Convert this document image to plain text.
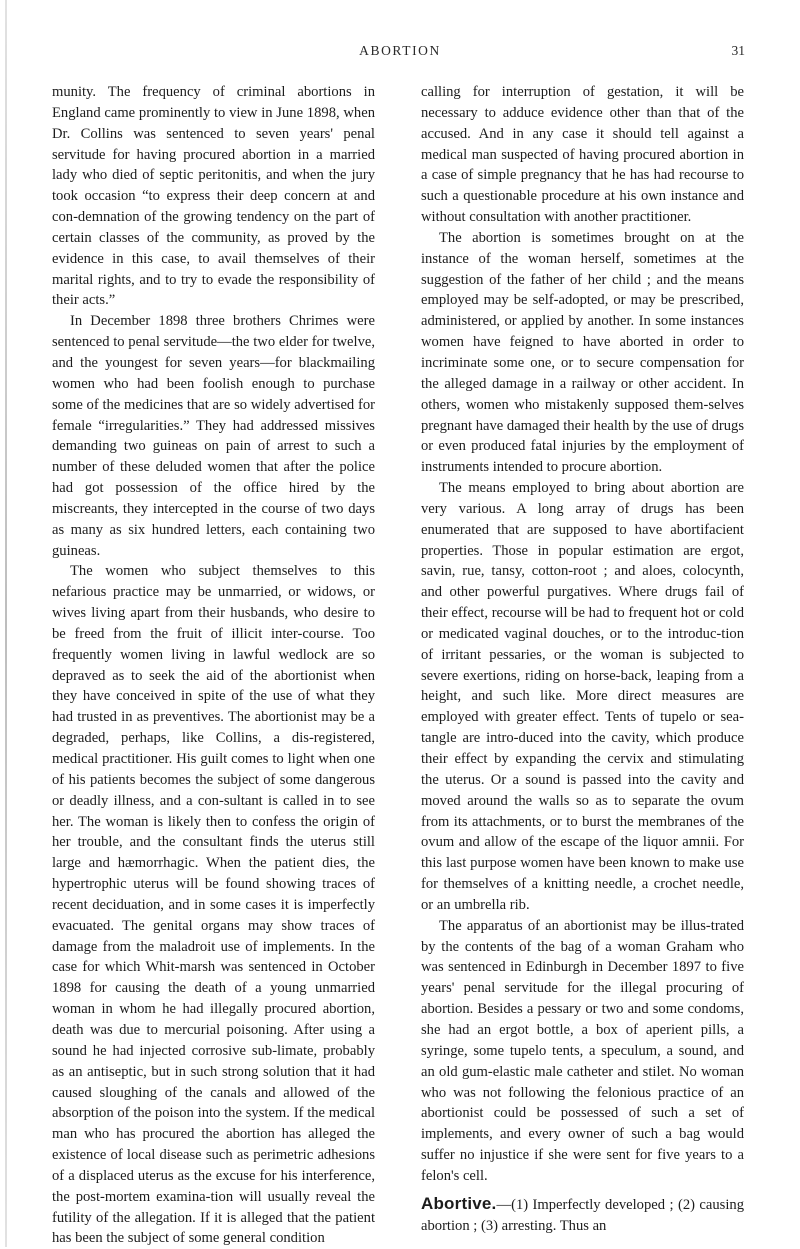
ABORTION	31

munity. The frequency of criminal abortions in England came prominently to view in June 1898, when Dr. Collins was sentenced to seven years' penal servitude for having procured abortion in a married lady who died of septic peritonitis, and when the jury took occasion “to express their deep concern at and con-demnation of the growing tendency on the part of certain classes of the community, as proved by the evidence in this case, to avail themselves of their marital rights, and to try to evade the responsibility of their acts.”

In December 1898 three brothers Chrimes were sentenced to penal servitude—the two elder for twelve, and the youngest for seven years—for blackmailing women who had been foolish enough to purchase some of the medicines that are so widely advertised for female “irregularities.” They had addressed missives demanding two guineas on pain of arrest to such a number of these deluded women that after the police had got possession of the office hired by the miscreants, they intercepted in the course of two days as many as six hundred letters, each containing two guineas.

The women who subject themselves to this nefarious practice may be unmarried, or widows, or wives living apart from their husbands, who desire to be freed from the fruit of illicit inter-course. Too frequently women living in lawful wedlock are so depraved as to seek the aid of the abortionist when they have conceived in spite of the use of what they had trusted in as preventives. The abortionist may be a degraded, perhaps, like Collins, a dis-registered, medical practitioner. His guilt comes to light when one of his patients becomes the subject of some dangerous or deadly illness, and a con-sultant is called in to see her. The woman is likely then to confess the origin of her trouble, and the consultant finds the uterus still large and hæmorrhagic. When the patient dies, the hypertrophic uterus will be found showing traces of recent deciduation, and in some cases it is imperfectly evacuated. The genital organs may show traces of damage from the maladroit use of implements. In the case for which Whit-marsh was sentenced in October 1898 for causing the death of a young unmarried woman in whom he had illegally procured abortion, death was due to mercurial poisoning. After using a sound he had injected corrosive sub-limate, probably as an antiseptic, but in such strong solution that it had caused sloughing of the canals and allowed of the absorption of the poison into the system. If the medical man who has procured the abortion has alleged the existence of local disease such as perimetric adhesions of a displaced uterus as the excuse for his interference, the post-mortem examina-tion will usually reveal the futility of the allegation. If it is alleged that the patient has been the subject of some general condition

calling for interruption of gestation, it will be necessary to adduce evidence other than that of the accused. And in any case it should tell against a medical man suspected of having procured abortion in a case of simple pregnancy that he has had recourse to such a questionable procedure at his own instance and without consultation with another practitioner.

The abortion is sometimes brought on at the instance of the woman herself, sometimes at the suggestion of the father of her child ; and the means employed may be self-adopted, or may be prescribed, administered, or applied by another. In some instances women have feigned to have aborted in order to incriminate some one, or to secure compensation for the alleged damage in a railway or other accident. In others, women who mistakenly supposed them-selves pregnant have damaged their health by the use of drugs or even produced fatal injuries by the employment of instruments intended to procure abortion.

The means employed to bring about abortion are very various. A long array of drugs has been enumerated that are supposed to have abortifacient properties. Those in popular estimation are ergot, savin, rue, tansy, cotton-root ; and aloes, colocynth, and other powerful purgatives. Where drugs fail of their effect, recourse will be had to frequent hot or cold or medicated vaginal douches, or to the introduc-tion of irritant pessaries, or the woman is subjected to severe exertions, riding on horse-back, leaping from a height, and such like. More direct measures are employed with greater effect. Tents of tupelo or sea-tangle are intro-duced into the cavity, which produce their effect by expanding the cervix and stimulating the uterus. Or a sound is passed into the cavity and moved around the walls so as to separate the ovum from its attachments, or to burst the membranes of the ovum and allow of the escape of the liquor amnii. For this last purpose women have been known to make use for themselves of a knitting needle, a crochet needle, or an umbrella rib.

The apparatus of an abortionist may be illus-trated by the contents of the bag of a woman Graham who was sentenced in Edinburgh in December 1897 to five years' penal servitude for the illegal procuring of abortion. Besides a pessary or two and some condoms, she had an ergot bottle, a box of aperient pills, a syringe, some tupelo tents, a speculum, a sound, and an old gum-elastic male catheter and stilet. No woman who was not following the felonious practice of an abortionist could be possessed of such a set of implements, and every owner of such a bag would suffer no injustice if she were sent for five years to a felon's cell.

Abortive.—(1) Imperfectly developed ; (2) causing abortion ; (3) arresting. Thus an
